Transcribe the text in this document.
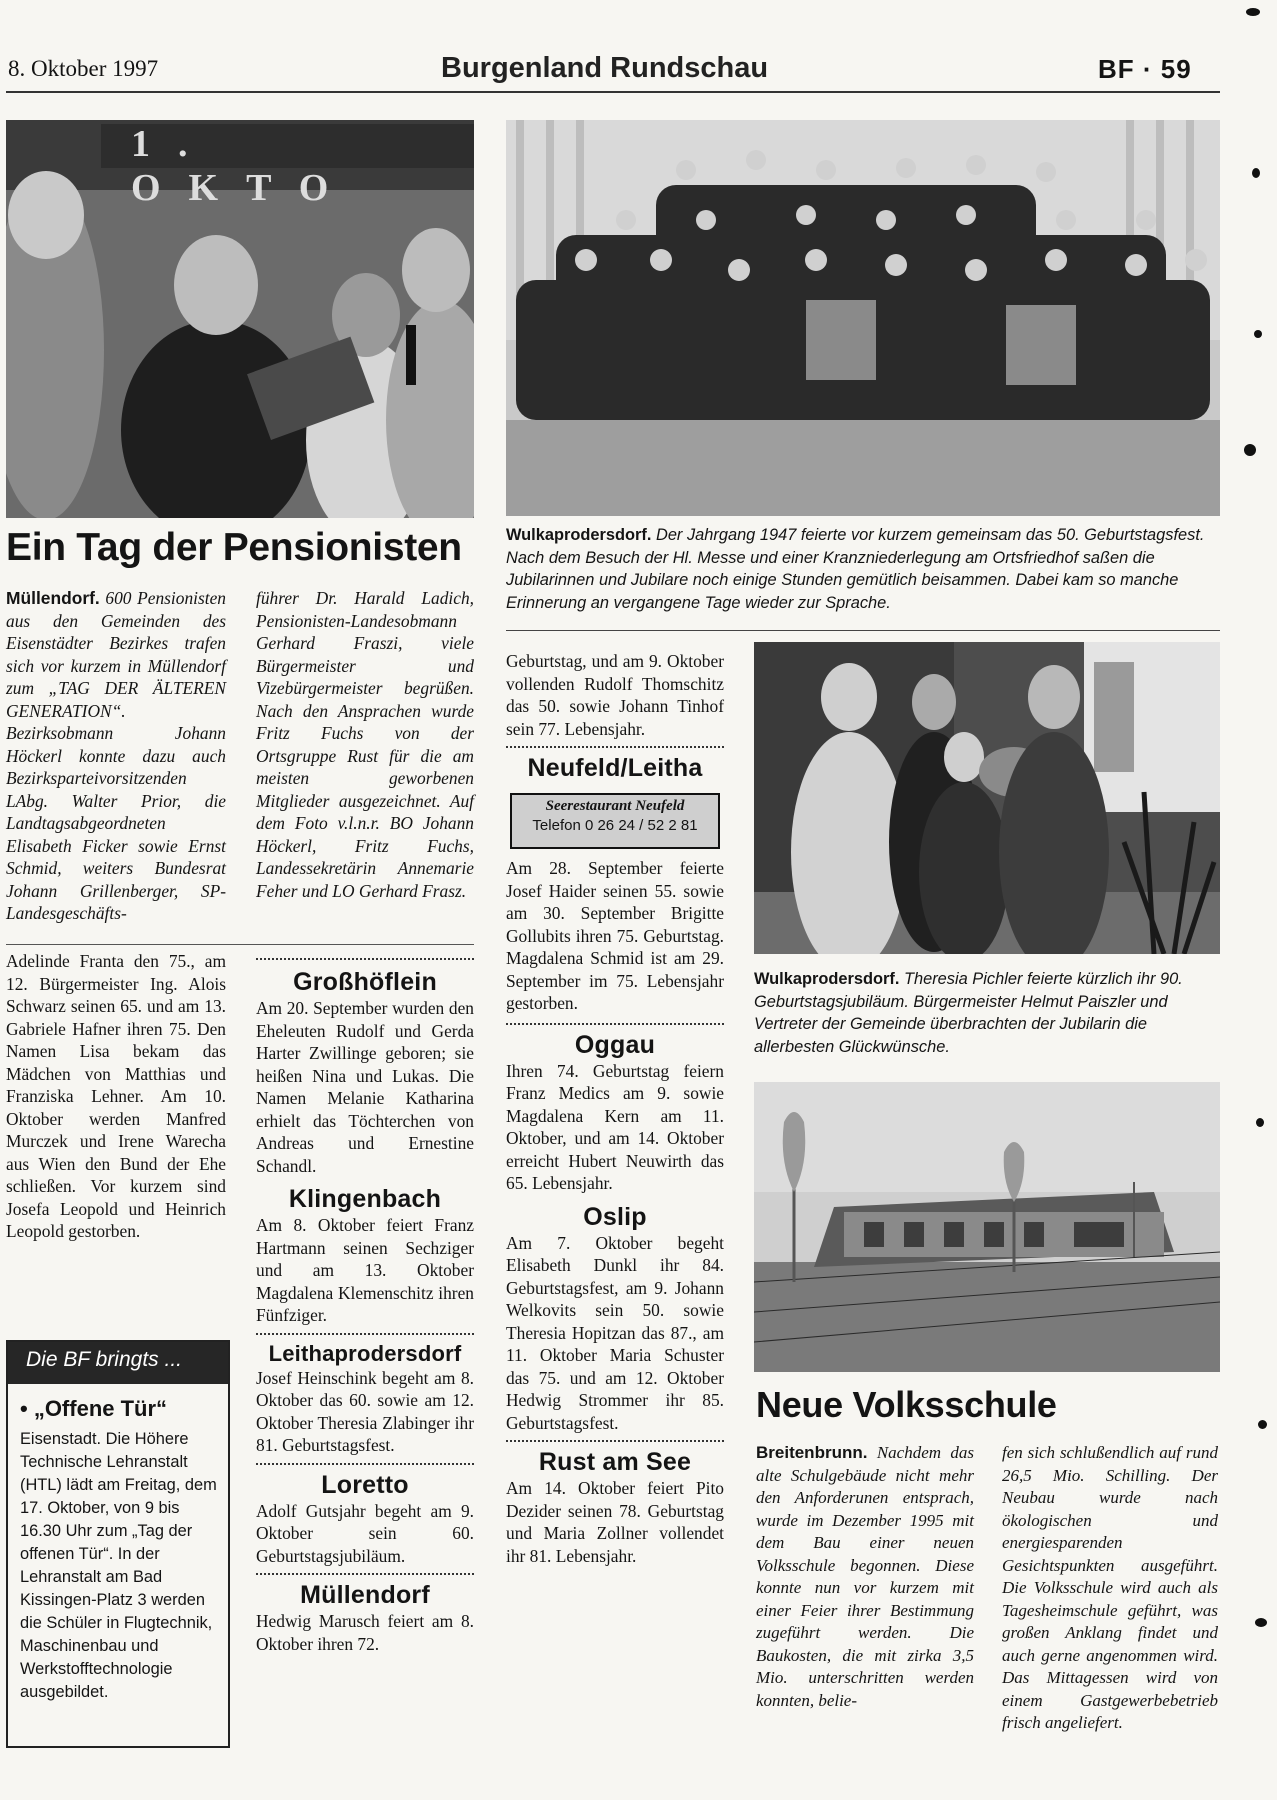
8. Oktober 1997	Burgenland Rundschau	BF · 59
1. OKTO
Ein Tag der Pensionisten
Müllendorf. 600 Pensionisten aus den Gemeinden des Eisenstädter Bezirkes trafen sich vor kurzem in Müllendorf zum „TAG DER ÄLTEREN GENERATION“. Bezirksobmann Johann Höckerl konnte dazu auch Bezirksparteivorsitzenden LAbg. Walter Prior, die Landtagsabgeordneten Elisabeth Ficker sowie Ernst Schmid, weiters Bundesrat Johann Grillenberger, SP-Landesgeschäfts-
führer Dr. Harald Ladich, Pensionisten-Landesobmann Gerhard Fraszi, viele Bürgermeister und Vizebürgermeister begrüßen. Nach den Ansprachen wurde Fritz Fuchs von der Ortsgruppe Rust für die am meisten geworbenen Mitglieder ausgezeichnet. Auf dem Foto v.l.n.r. BO Johann Höckerl, Fritz Fuchs, Landessekretärin Annemarie Feher und LO Gerhard Frasz.
Adelinde Franta den 75., am 12. Bürgermeister Ing. Alois Schwarz seinen 65. und am 13. Gabriele Hafner ihren 75. Den Namen Lisa bekam das Mädchen von Matthias und Franziska Lehner. Am 10. Oktober werden Manfred Murczek und Irene Warecha aus Wien den Bund der Ehe schließen. Vor kurzem sind Josefa Leopold und Heinrich Leopold gestorben.
Die BF bringts ...
• „Offene Tür“
Eisenstadt. Die Höhere Technische Lehranstalt (HTL) lädt am Freitag, dem 17. Oktober, von 9 bis 16.30 Uhr zum „Tag der offenen Tür“. In der Lehranstalt am Bad Kissingen-Platz 3 werden die Schüler in Flugtechnik, Maschinenbau und Werkstofftechnologie ausgebildet.
Großhöflein
Am 20. September wurden den Eheleuten Rudolf und Gerda Harter Zwillinge geboren; sie heißen Nina und Lukas. Die Namen Melanie Katharina erhielt das Töchterchen von Andreas und Ernestine Schandl.
Klingenbach
Am 8. Oktober feiert Franz Hartmann seinen Sechziger und am 13. Oktober Magdalena Klemenschitz ihren Fünfziger.
Leithaprodersdorf
Josef Heinschink begeht am 8. Oktober das 60. sowie am 12. Oktober Theresia Zlabinger ihr 81. Geburtstagsfest.
Loretto
Adolf Gutsjahr begeht am 9. Oktober sein 60. Geburtstagsjubiläum.
Müllendorf
Hedwig Marusch feiert am 8. Oktober ihren 72.
Wulkaprodersdorf. Der Jahrgang 1947 feierte vor kurzem gemeinsam das 50. Geburtstagsfest. Nach dem Besuch der Hl. Messe und einer Kranzniederlegung am Ortsfriedhof saßen die Jubilarinnen und Jubilare noch einige Stunden gemütlich beisammen. Dabei kam so manche Erinnerung an vergangene Tage wieder zur Sprache.
Geburtstag, und am 9. Oktober vollenden Rudolf Thomschitz das 50. sowie Johann Tinhof sein 77. Lebensjahr.
Neufeld/Leitha
Seerestaurant Neufeld
Telefon 0 26 24 / 52 2 81
Am 28. September feierte Josef Haider seinen 55. sowie am 30. September Brigitte Gollubits ihren 75. Geburtstag. Magdalena Schmid ist am 29. September im 75. Lebensjahr gestorben.
Oggau
Ihren 74. Geburtstag feiern Franz Medics am 9. sowie Magdalena Kern am 11. Oktober, und am 14. Oktober erreicht Hubert Neuwirth das 65. Lebensjahr.
Oslip
Am 7. Oktober begeht Elisabeth Dunkl ihr 84. Geburtstagsfest, am 9. Johann Welkovits sein 50. sowie Theresia Hopitzan das 87., am 11. Oktober Maria Schuster das 75. und am 12. Oktober Hedwig Strommer ihr 85. Geburtstagsfest.
Rust am See
Am 14. Oktober feiert Pito Dezider seinen 78. Geburtstag und Maria Zollner vollendet ihr 81. Lebensjahr.
Wulkaprodersdorf. Theresia Pichler feierte kürzlich ihr 90. Geburtstagsjubiläum. Bürgermeister Helmut Paiszler und Vertreter der Gemeinde überbrachten der Jubilarin die allerbesten Glückwünsche.
Neue Volksschule
Breitenbrunn. Nachdem das alte Schulgebäude nicht mehr den Anforderunen entsprach, wurde im Dezember 1995 mit dem Bau einer neuen Volksschule begonnen. Diese konnte nun vor kurzem mit einer Feier ihrer Bestimmung zugeführt werden. Die Baukosten, die mit zirka 3,5 Mio. unterschritten werden konnten, belie-
fen sich schlußendlich auf rund 26,5 Mio. Schilling. Der Neubau wurde nach ökologischen und energiesparenden Gesichtspunkten ausgeführt. Die Volksschule wird auch als Tagesheimschule geführt, was großen Anklang findet und auch gerne angenommen wird. Das Mittagessen wird von einem Gastgewerbebetrieb frisch angeliefert.
